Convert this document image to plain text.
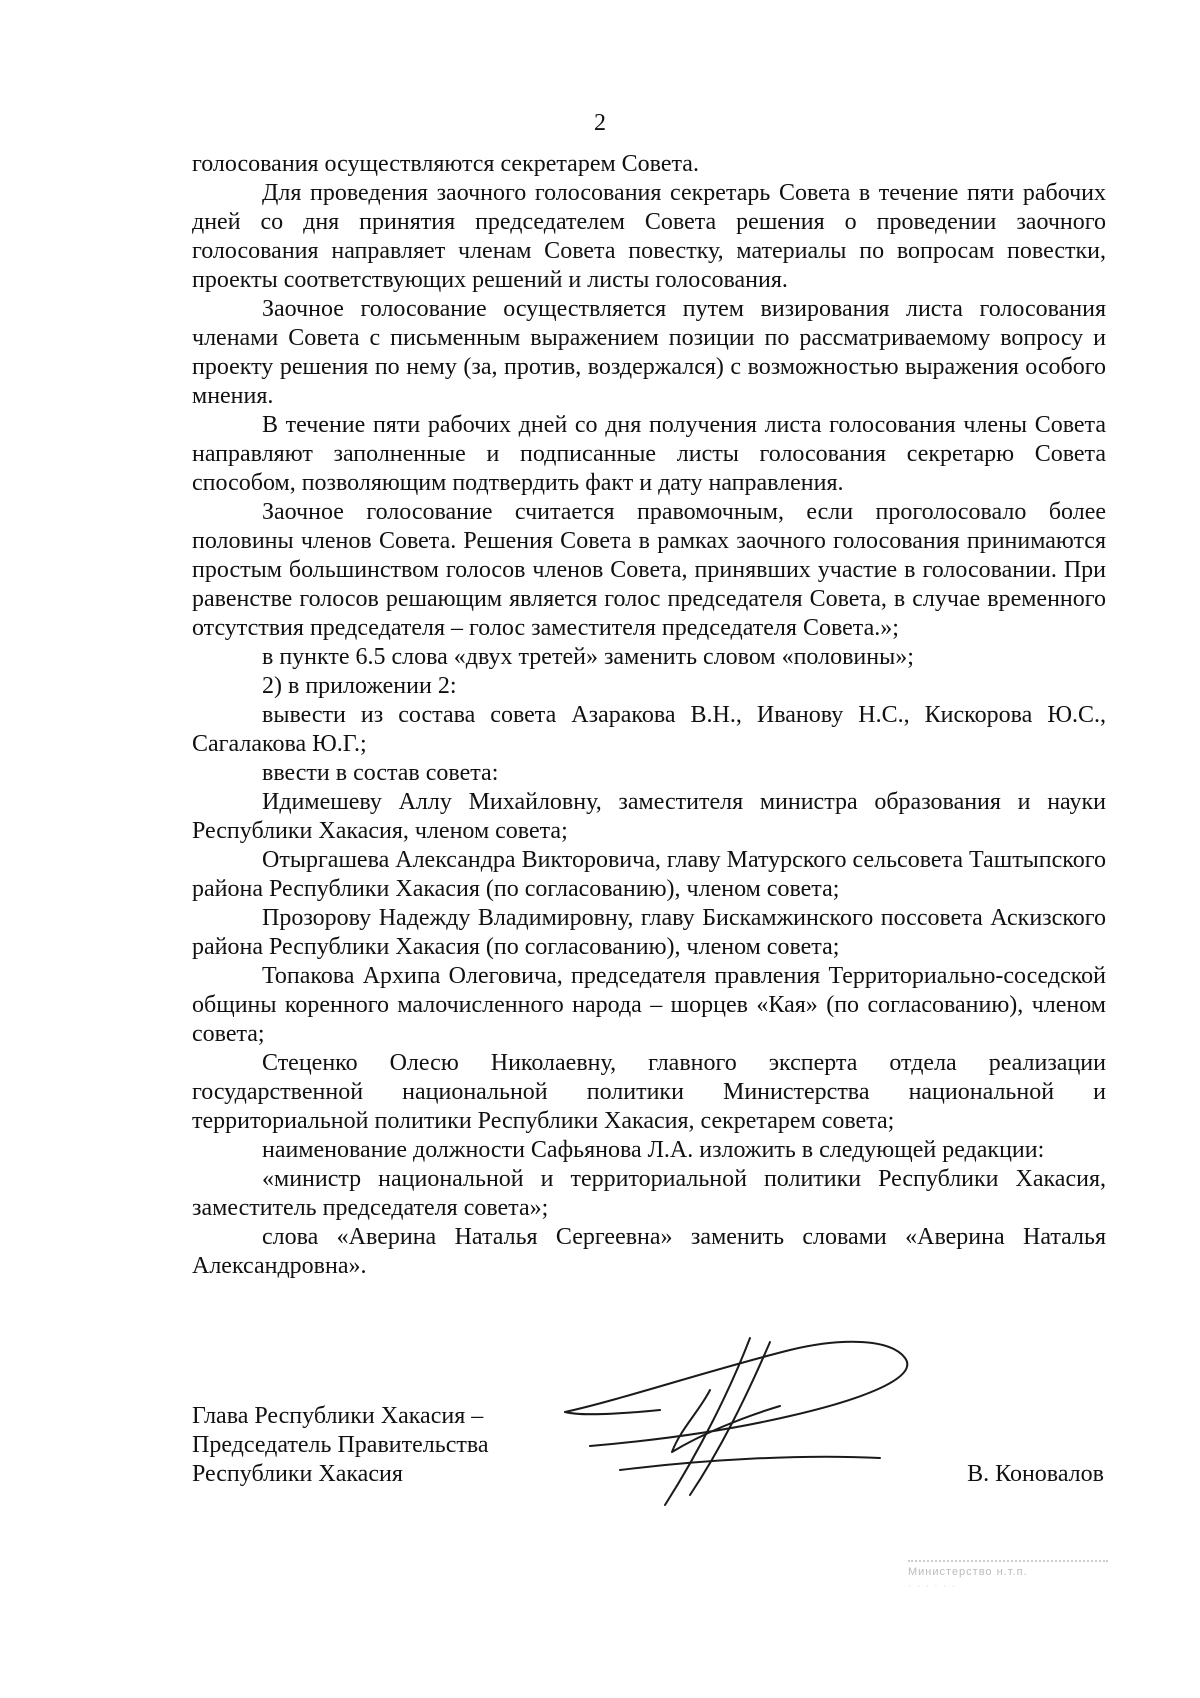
2

голосования осуществляются секретарем Совета.

Для проведения заочного голосования секретарь Совета в течение пяти рабочих дней со дня принятия председателем Совета решения о проведении заочного голосования направляет членам Совета повестку, материалы по вопросам повестки, проекты соответствующих решений и листы голосования.

Заочное голосование осуществляется путем визирования листа голосования членами Совета с письменным выражением позиции по рассматриваемому вопросу и проекту решения по нему (за, против, воздержался) с возможностью выражения особого мнения.

В течение пяти рабочих дней со дня получения листа голосования члены Совета направляют заполненные и подписанные листы голосования секретарю Совета способом, позволяющим подтвердить факт и дату направления.

Заочное голосование считается правомочным, если проголосовало более половины членов Совета. Решения Совета в рамках заочного голосования принимаются простым большинством голосов членов Совета, принявших участие в голосовании. При равенстве голосов решающим является голос председателя Совета, в случае временного отсутствия председателя – голос заместителя председателя Совета.»;

в пункте 6.5 слова «двух третей» заменить словом «половины»;

2) в приложении 2:

вывести из состава совета Азаракова В.Н., Иванову Н.С., Кискорова Ю.С., Сагалакова Ю.Г.;

ввести в состав совета:

Идимешеву Аллу Михайловну, заместителя министра образования и науки Республики Хакасия, членом совета;

Отыргашева Александра Викторовича, главу Матурского сельсовета Таштыпского района Республики Хакасия (по согласованию), членом совета;

Прозорову Надежду Владимировну, главу Бискамжинского поссовета Аскизского района Республики Хакасия (по согласованию), членом совета;

Топакова Архипа Олеговича, председателя правления Территориально-соседской общины коренного малочисленного народа – шорцев «Кая» (по согласованию), членом совета;

Стеценко Олесю Николаевну, главного эксперта отдела реализации государственной национальной политики Министерства национальной и территориальной политики Республики Хакасия, секретарем совета;

наименование должности Сафьянова Л.А. изложить в следующей редакции:

«министр национальной и территориальной политики Республики Хакасия, заместитель председателя совета»;

слова «Аверина Наталья Сергеевна» заменить словами «Аверина Наталья Александровна».

Глава Республики Хакасия –
Председатель Правительства
Республики Хакасия	В. Коновалов
Министерство н.т.п.
· · · · · ·
